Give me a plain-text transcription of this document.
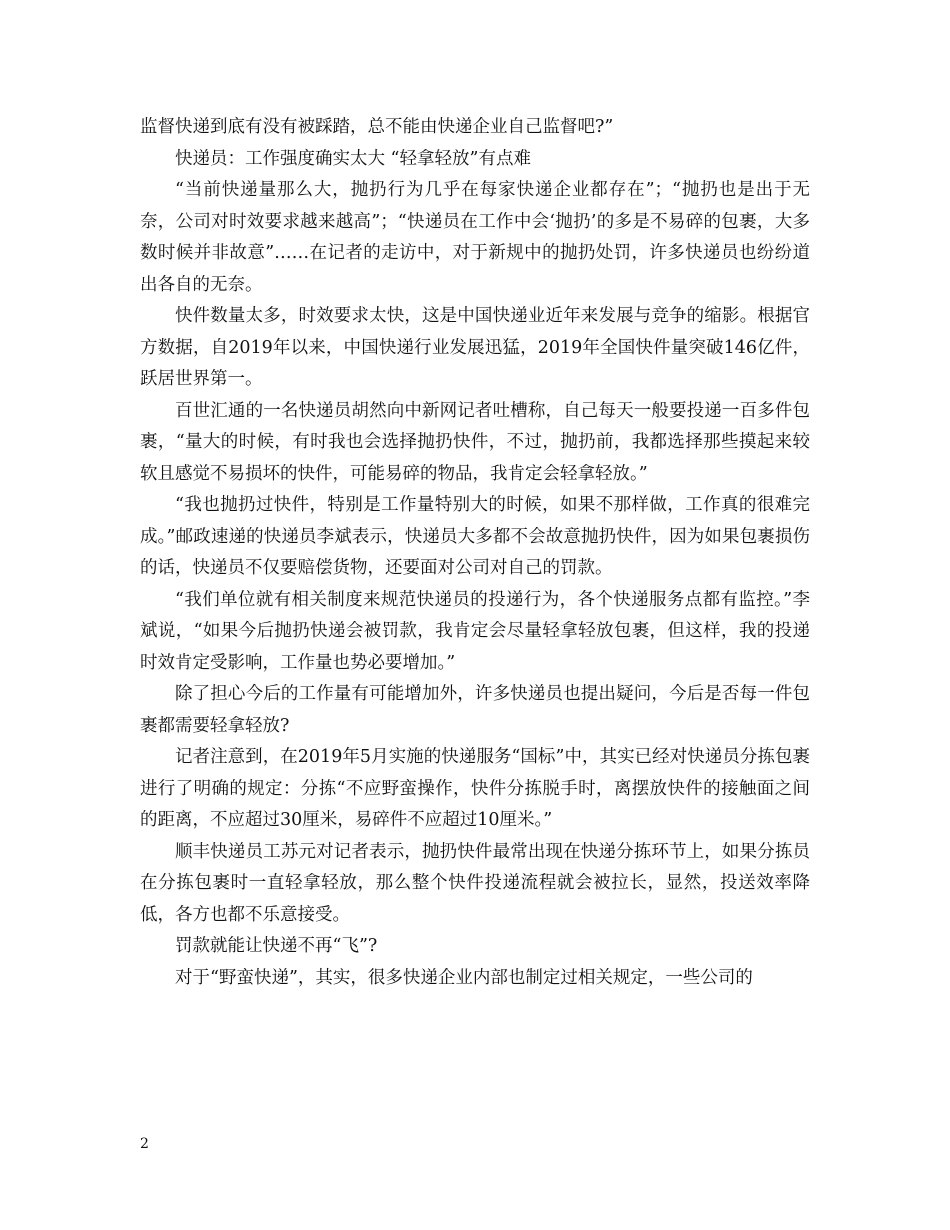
监督快递到底有没有被踩踏，总不能由快递企业自己监督吧?”

快递员：工作强度确实太大 “轻拿轻放”有点难

“当前快递量那么大，抛扔行为几乎在每家快递企业都存在”；“抛扔也是出于无奈，公司对时效要求越来越高”；“快递员在工作中会‘抛扔’的多是不易碎的包裹，大多数时候并非故意”……在记者的走访中，对于新规中的抛扔处罚，许多快递员也纷纷道出各自的无奈。

快件数量太多，时效要求太快，这是中国快递业近年来发展与竞争的缩影。根据官方数据，自2019年以来，中国快递行业发展迅猛，2019年全国快件量突破146亿件，跃居世界第一。

百世汇通的一名快递员胡然向中新网记者吐槽称，自己每天一般要投递一百多件包裹，“量大的时候，有时我也会选择抛扔快件，不过，抛扔前，我都选择那些摸起来较软且感觉不易损坏的快件，可能易碎的物品，我肯定会轻拿轻放。”

“我也抛扔过快件，特别是工作量特别大的时候，如果不那样做，工作真的很难完成。”邮政速递的快递员李斌表示，快递员大多都不会故意抛扔快件，因为如果包裹损伤的话，快递员不仅要赔偿货物，还要面对公司对自己的罚款。

“我们单位就有相关制度来规范快递员的投递行为，各个快递服务点都有监控。”李斌说，“如果今后抛扔快递会被罚款，我肯定会尽量轻拿轻放包裹，但这样，我的投递时效肯定受影响，工作量也势必要增加。”

除了担心今后的工作量有可能增加外，许多快递员也提出疑问，今后是否每一件包裹都需要轻拿轻放?

记者注意到，在2019年5月实施的快递服务“国标”中，其实已经对快递员分拣包裹进行了明确的规定：分拣“不应野蛮操作，快件分拣脱手时，离摆放快件的接触面之间的距离，不应超过30厘米，易碎件不应超过10厘米。”

顺丰快递员工苏元对记者表示，抛扔快件最常出现在快递分拣环节上，如果分拣员在分拣包裹时一直轻拿轻放，那么整个快件投递流程就会被拉长，显然，投送效率降低，各方也都不乐意接受。

罚款就能让快递不再“飞”?

对于“野蛮快递”，其实，很多快递企业内部也制定过相关规定，一些公司的

2
